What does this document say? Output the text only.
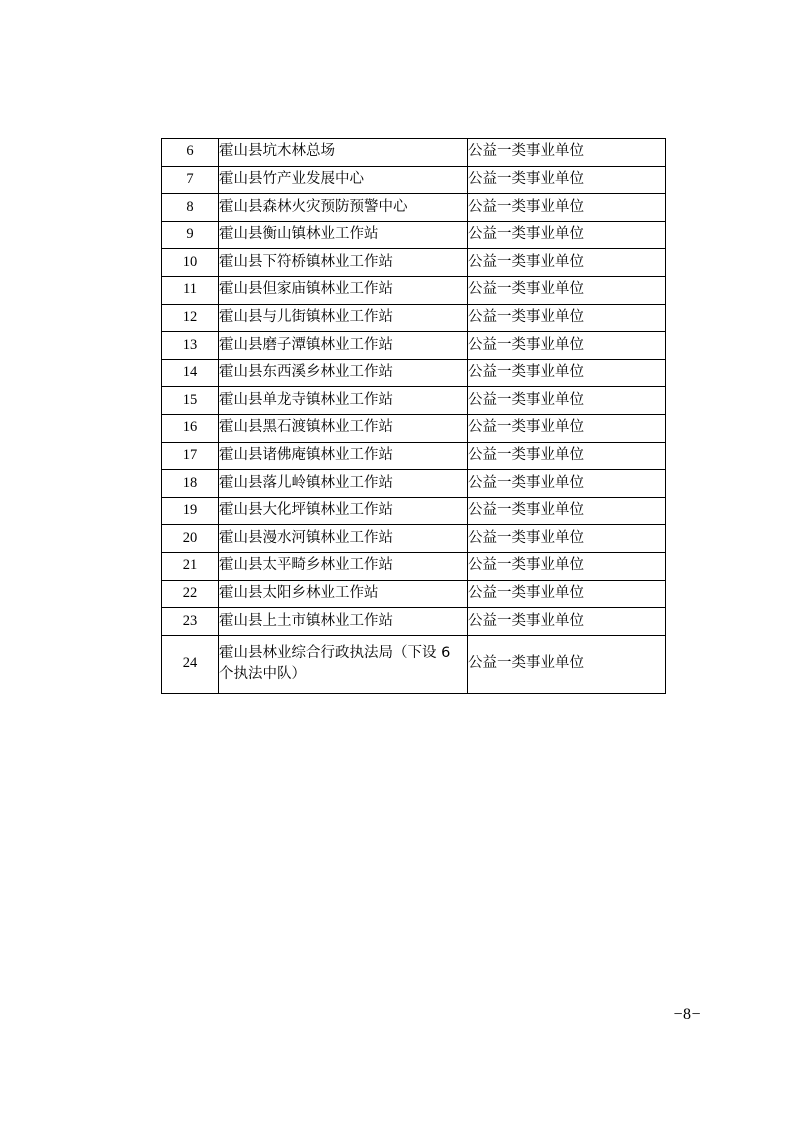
6	霍山县坑木林总场	公益一类事业单位
7	霍山县竹产业发展中心	公益一类事业单位
8	霍山县森林火灾预防预警中心	公益一类事业单位
9	霍山县衡山镇林业工作站	公益一类事业单位
10	霍山县下符桥镇林业工作站	公益一类事业单位
11	霍山县但家庙镇林业工作站	公益一类事业单位
12	霍山县与儿街镇林业工作站	公益一类事业单位
13	霍山县磨子潭镇林业工作站	公益一类事业单位
14	霍山县东西溪乡林业工作站	公益一类事业单位
15	霍山县单龙寺镇林业工作站	公益一类事业单位
16	霍山县黑石渡镇林业工作站	公益一类事业单位
17	霍山县诸佛庵镇林业工作站	公益一类事业单位
18	霍山县落儿岭镇林业工作站	公益一类事业单位
19	霍山县大化坪镇林业工作站	公益一类事业单位
20	霍山县漫水河镇林业工作站	公益一类事业单位
21	霍山县太平畸乡林业工作站	公益一类事业单位
22	霍山县太阳乡林业工作站	公益一类事业单位
23	霍山县上土市镇林业工作站	公益一类事业单位
24	霍山县林业综合行政执法局（下设 6 个执法中队）	公益一类事业单位
−8−
